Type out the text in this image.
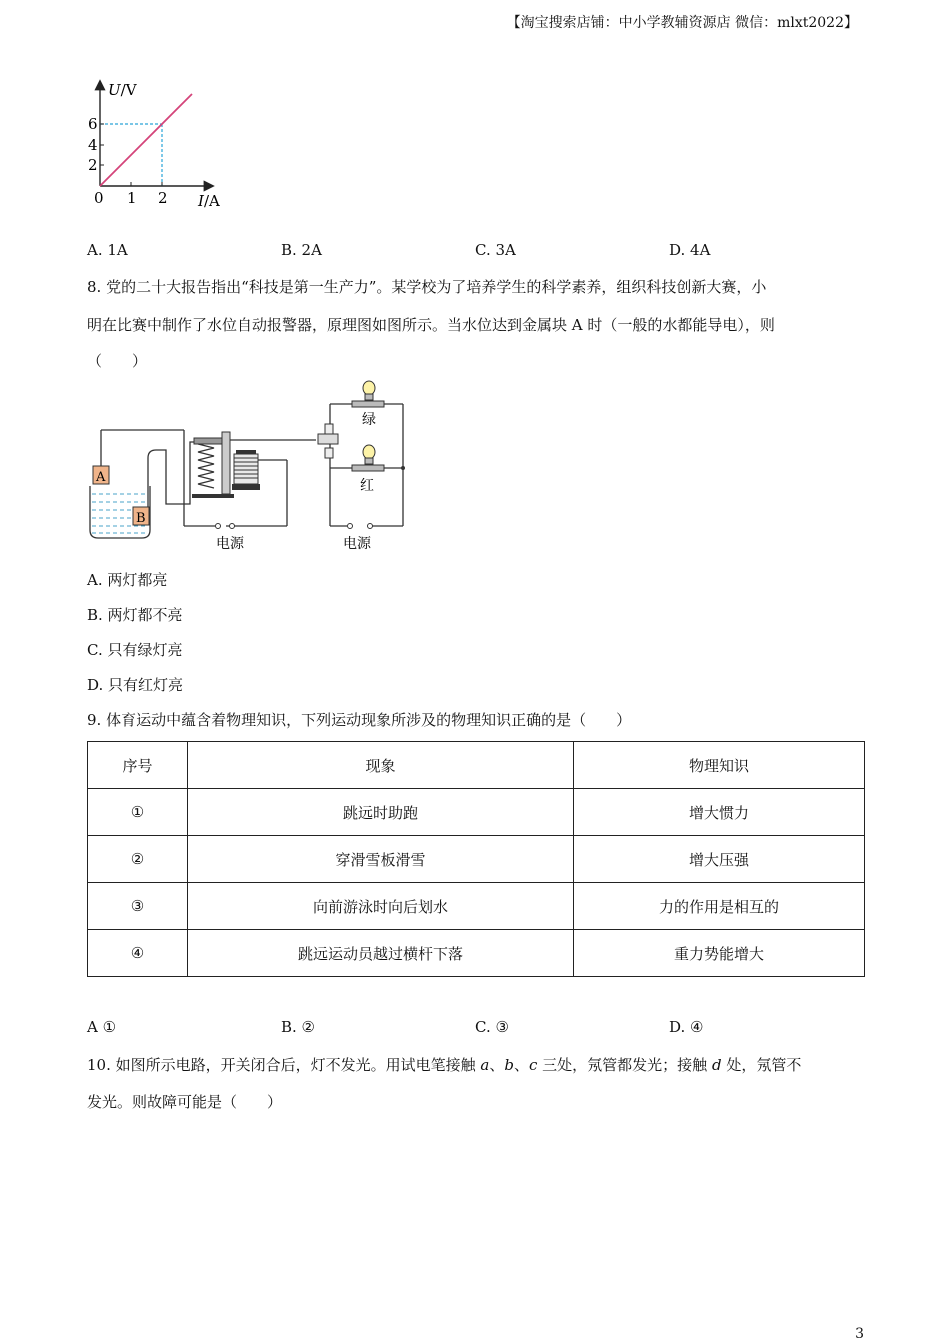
【淘宝搜索店铺：中小学教辅资源店 微信：mlxt2022】
U/V
6
4
2
0 1 2 I/A
A. 1A	B. 2A	C. 3A	D. 4A
8. 党的二十大报告指出“科技是第一生产力”。某学校为了培养学生的科学素养，组织科技创新大赛，小
明在比赛中制作了水位自动报警器，原理图如图所示。当水位达到金属块 A 时（一般的水都能导电），则
（　　）
A
B
绿
红
电源	电源
A. 两灯都亮
B. 两灯都不亮
C. 只有绿灯亮
D. 只有红灯亮
9. 体育运动中蕴含着物理知识，下列运动现象所涉及的物理知识正确的是（　　）
序号	现象	物理知识
①	跳远时助跑	增大惯力
②	穿滑雪板滑雪	增大压强
③	向前游泳时向后划水	力的作用是相互的
④	跳远运动员越过横杆下落	重力势能增大
A ①	B. ②	C. ③	D. ④
10. 如图所示电路，开关闭合后，灯不发光。用试电笔接触 a、b、c 三处，氖管都发光；接触 d 处，氖管不
发光。则故障可能是（　　）
3
